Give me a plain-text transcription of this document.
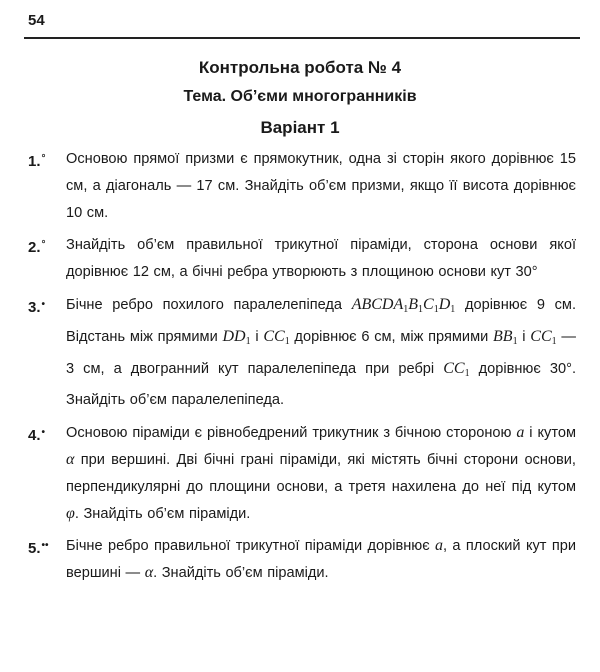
54
Контрольна робота № 4
Тема. Об’єми многогранників
Варіант 1
1.° Основою прямої призми є прямокутник, одна зі сторін якого дорівнює 15 см, а діагональ — 17 см. Знайдіть об’єм призми, якщо її висота дорівнює 10 см.
2.° Знайдіть об’єм правильної трикутної піраміди, сторона основи якої дорівнює 12 см, а бічні ребра утворюють з площиною основи кут 30°
3.• Бічне ребро похилого паралелепіпеда $ABCDA_1B_1C_1D_1$ дорівнює 9 см. Відстань між прямими $DD_1$ і $CC_1$ дорівнює 6 см, між прямими $BB_1$ і $CC_1$ — 3 см, а двогранний кут паралелепіпеда при ребрі $CC_1$ дорівнює 30°. Знайдіть об’єм паралелепіпеда.
4.• Основою піраміди є рівнобедрений трикутник з бічною стороною a і кутом α при вершині. Дві бічні грані піраміди, які містять бічні сторони основи, перпендикулярні до площини основи, а третя нахилена до неї під кутом φ. Знайдіть об’єм піраміди.
5.•• Бічне ребро правильної трикутної піраміди дорівнює a, а плоский кут при вершині — α. Знайдіть об’єм піраміди.
